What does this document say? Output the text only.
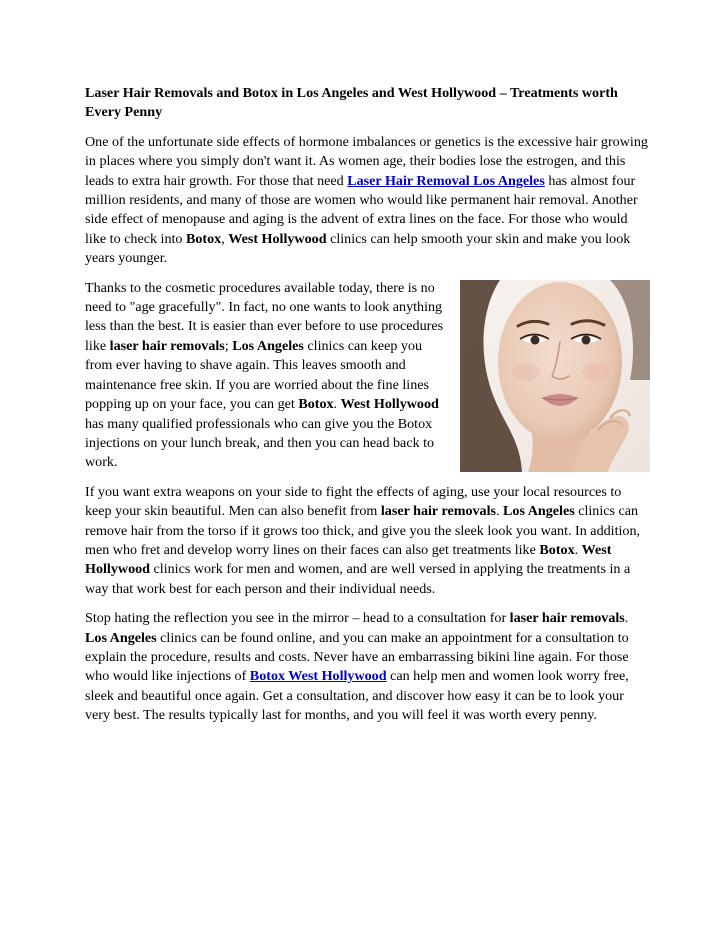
Laser Hair Removals and Botox in Los Angeles and West Hollywood – Treatments worth Every Penny

One of the unfortunate side effects of hormone imbalances or genetics is the excessive hair growing in places where you simply don't want it. As women age, their bodies lose the estrogen, and this leads to extra hair growth. For those that need Laser Hair Removal Los Angeles has almost four million residents, and many of those are women who would like permanent hair removal. Another side effect of menopause and aging is the advent of extra lines on the face. For those who would like to check into Botox, West Hollywood clinics can help smooth your skin and make you look years younger.

Thanks to the cosmetic procedures available today, there is no need to "age gracefully". In fact, no one wants to look anything less than the best. It is easier than ever before to use procedures like laser hair removals; Los Angeles clinics can keep you from ever having to shave again. This leaves smooth and maintenance free skin. If you are worried about the fine lines popping up on your face, you can get Botox. West Hollywood has many qualified professionals who can give you the Botox injections on your lunch break, and then you can head back to work.

If you want extra weapons on your side to fight the effects of aging, use your local resources to keep your skin beautiful. Men can also benefit from laser hair removals. Los Angeles clinics can remove hair from the torso if it grows too thick, and give you the sleek look you want. In addition, men who fret and develop worry lines on their faces can also get treatments like Botox. West Hollywood clinics work for men and women, and are well versed in applying the treatments in a way that work best for each person and their individual needs.

Stop hating the reflection you see in the mirror – head to a consultation for laser hair removals. Los Angeles clinics can be found online, and you can make an appointment for a consultation to explain the procedure, results and costs. Never have an embarrassing bikini line again. For those who would like injections of Botox West Hollywood can help men and women look worry free, sleek and beautiful once again. Get a consultation, and discover how easy it can be to look your very best. The results typically last for months, and you will feel it was worth every penny.
